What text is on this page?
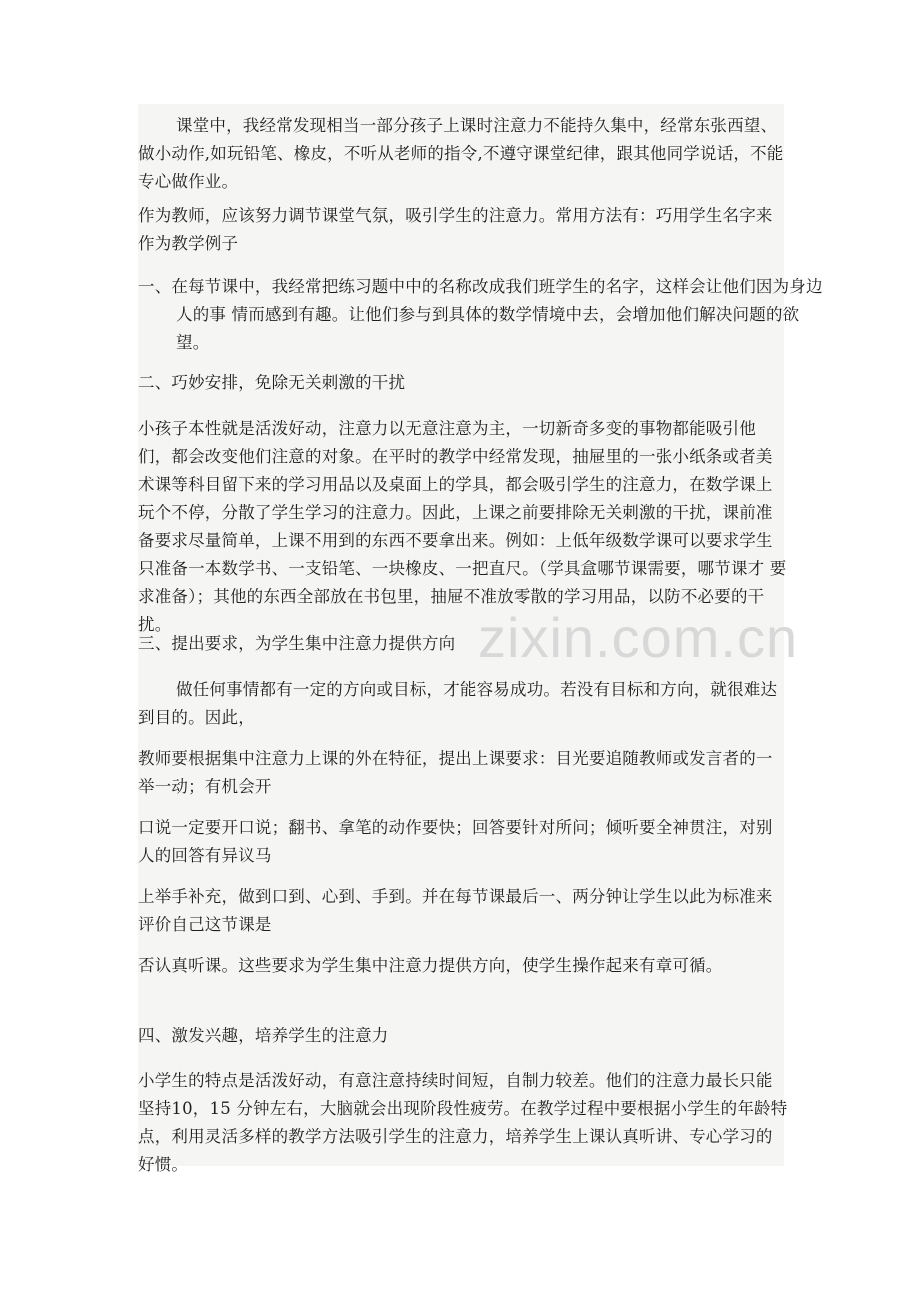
课堂中，我经常发现相当一部分孩子上课时注意力不能持久集中，经常东张西望、做小动作,如玩铅笔、橡皮，不听从老师的指令,不遵守课堂纪律，跟其他同学说话，不能专心做作业。

作为教师，应该努力调节课堂气氛，吸引学生的注意力。常用方法有：巧用学生名字来作为教学例子

一、在每节课中，我经常把练习题中中的名称改成我们班学生的名字，这样会让他们因为身边人的事 情而感到有趣。让他们参与到具体的数学情境中去，会增加他们解决问题的欲望。

二、巧妙安排，免除无关刺激的干扰

小孩子本性就是活泼好动，注意力以无意注意为主，一切新奇多变的事物都能吸引他们，都会改变他们注意的对象。在平时的教学中经常发现，抽屉里的一张小纸条或者美术课等科目留下来的学习用品以及桌面上的学具，都会吸引学生的注意力，在数学课上玩个不停，分散了学生学习的注意力。因此，上课之前要排除无关刺激的干扰，课前准备要求尽量简单，上课不用到的东西不要拿出来。例如：上低年级数学课可以要求学生只准备一本数学书、一支铅笔、一块橡皮、一把直尺。（学具盒哪节课需要，哪节课才 要求准备）；其他的东西全部放在书包里，抽屉不准放零散的学习用品，以防不必要的干扰。

三、提出要求，为学生集中注意力提供方向

做任何事情都有一定的方向或目标，才能容易成功。若没有目标和方向，就很难达到目的。因此，

教师要根据集中注意力上课的外在特征，提出上课要求：目光要追随教师或发言者的一举一动；有机会开

口说一定要开口说；翻书、拿笔的动作要快；回答要针对所问；倾听要全神贯注，对别人的回答有异议马

上举手补充，做到口到、心到、手到。并在每节课最后一、两分钟让学生以此为标准来评价自己这节课是

否认真听课。这些要求为学生集中注意力提供方向，使学生操作起来有章可循。

四、激发兴趣，培养学生的注意力

小学生的特点是活泼好动，有意注意持续时间短，自制力较差。他们的注意力最长只能坚持10，15 分钟左右，大脑就会出现阶段性疲劳。在教学过程中要根据小学生的年龄特点，利用灵活多样的教学方法吸引学生的注意力，培养学生上课认真听讲、专心学习的好惯。

zixin.com.cn
